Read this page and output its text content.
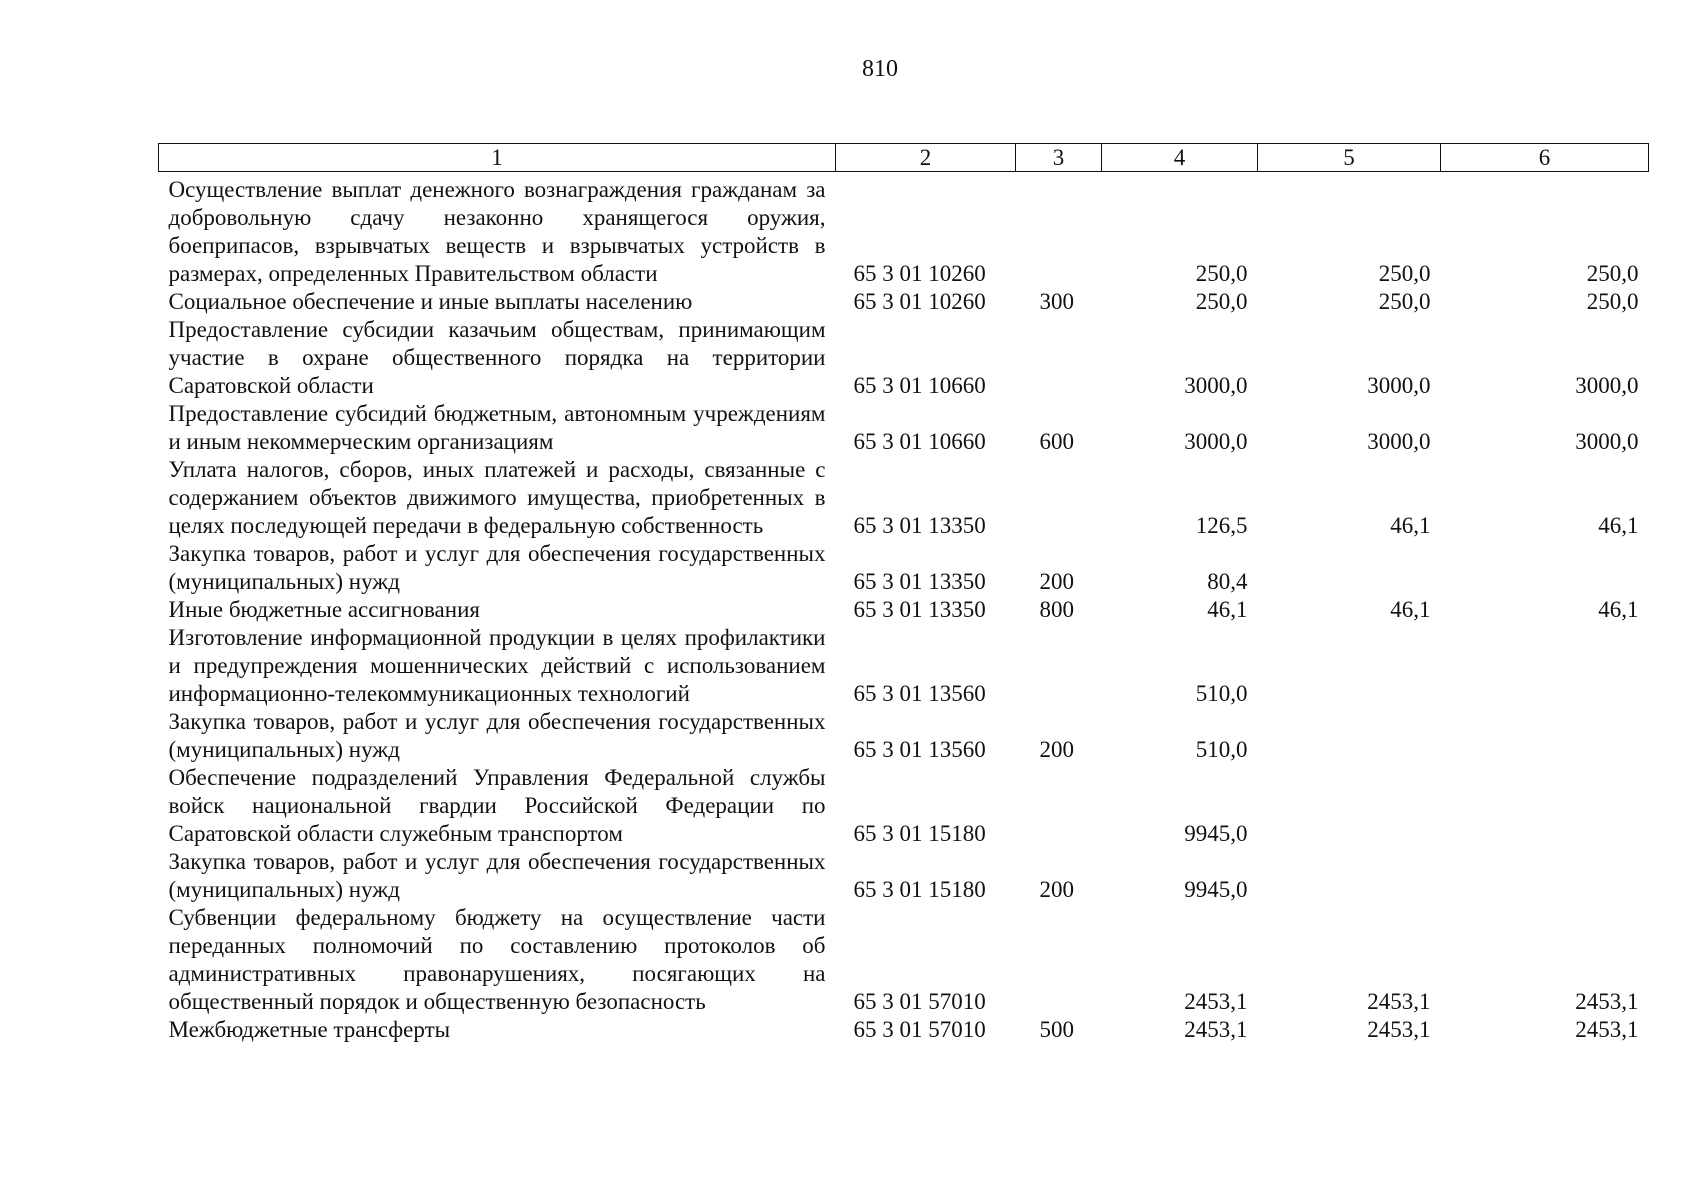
810
1	2	3	4	5	6
Осуществление выплат денежного вознаграждения гражданам за добровольную сдачу незаконно хранящегося оружия, боеприпасов, взрывчатых веществ и взрывчатых устройств в размерах, определенных Правительством области	65 3 01 10260		250,0	250,0	250,0
Социальное обеспечение и иные выплаты населению	65 3 01 10260	300	250,0	250,0	250,0
Предоставление субсидии казачьим обществам, принимающим участие в охране общественного порядка на территории Саратовской области	65 3 01 10660		3000,0	3000,0	3000,0
Предоставление субсидий бюджетным, автономным учреждениям и иным некоммерческим организациям	65 3 01 10660	600	3000,0	3000,0	3000,0
Уплата налогов, сборов, иных платежей и расходы, связанные с содержанием объектов движимого имущества, приобретенных в целях последующей передачи в федеральную собственность	65 3 01 13350		126,5	46,1	46,1
Закупка товаров, работ и услуг для обеспечения государственных (муниципальных) нужд	65 3 01 13350	200	80,4		
Иные бюджетные ассигнования	65 3 01 13350	800	46,1	46,1	46,1
Изготовление информационной продукции в целях профилактики и предупреждения мошеннических действий с использованием информационно-телекоммуникационных технологий	65 3 01 13560		510,0		
Закупка товаров, работ и услуг для обеспечения государственных (муниципальных) нужд	65 3 01 13560	200	510,0		
Обеспечение подразделений Управления Федеральной службы войск национальной гвардии Российской Федерации по Саратовской области служебным транспортом	65 3 01 15180		9945,0		
Закупка товаров, работ и услуг для обеспечения государственных (муниципальных) нужд	65 3 01 15180	200	9945,0		
Субвенции федеральному бюджету на осуществление части переданных полномочий по составлению протоколов об административных правонарушениях, посягающих на общественный порядок и общественную безопасность	65 3 01 57010		2453,1	2453,1	2453,1
Межбюджетные трансферты	65 3 01 57010	500	2453,1	2453,1	2453,1
